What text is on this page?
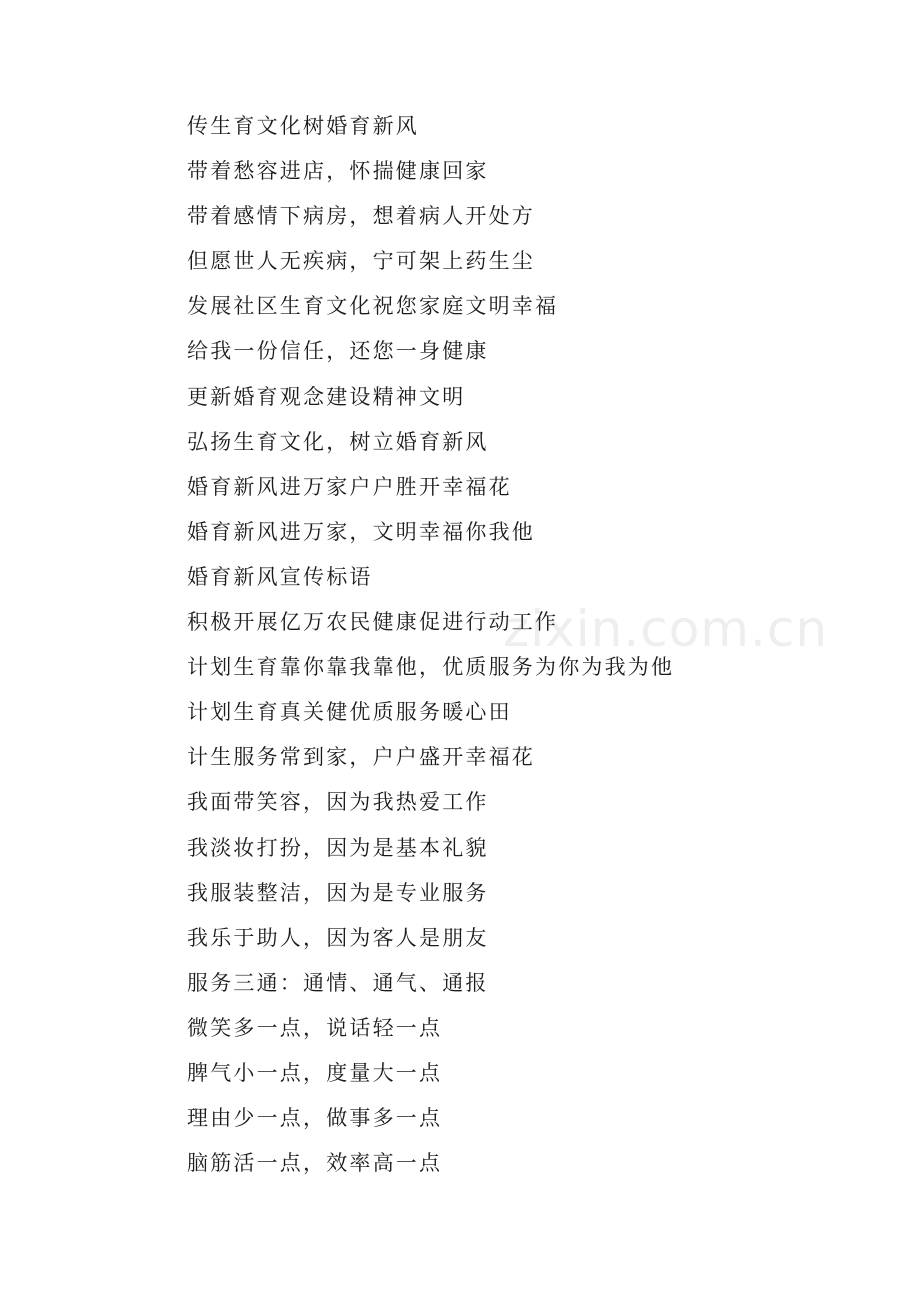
传生育文化树婚育新风
带着愁容进店，怀揣健康回家
带着感情下病房，想着病人开处方
但愿世人无疾病，宁可架上药生尘
发展社区生育文化祝您家庭文明幸福
给我一份信任，还您一身健康
更新婚育观念建设精神文明
弘扬生育文化，树立婚育新风
婚育新风进万家户户胜开幸福花
婚育新风进万家，文明幸福你我他
婚育新风宣传标语
积极开展亿万农民健康促进行动工作
计划生育靠你靠我靠他，优质服务为你为我为他
计划生育真关健优质服务暖心田
计生服务常到家，户户盛开幸福花
我面带笑容，因为我热爱工作
我淡妆打扮，因为是基本礼貌
我服装整洁，因为是专业服务
我乐于助人，因为客人是朋友
服务三通：通情、通气、通报
微笑多一点，说话轻一点
脾气小一点，度量大一点
理由少一点，做事多一点
脑筋活一点，效率高一点
zixin.com.cn
